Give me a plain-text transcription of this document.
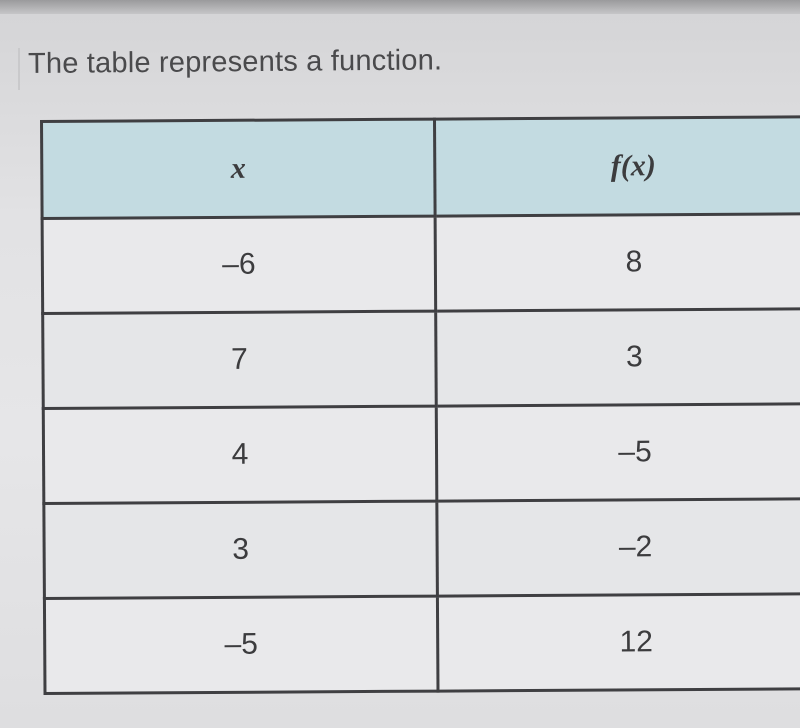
The table represents a function.
x	f(x)
–6	8
7	3
4	–5
3	–2
–5	12
